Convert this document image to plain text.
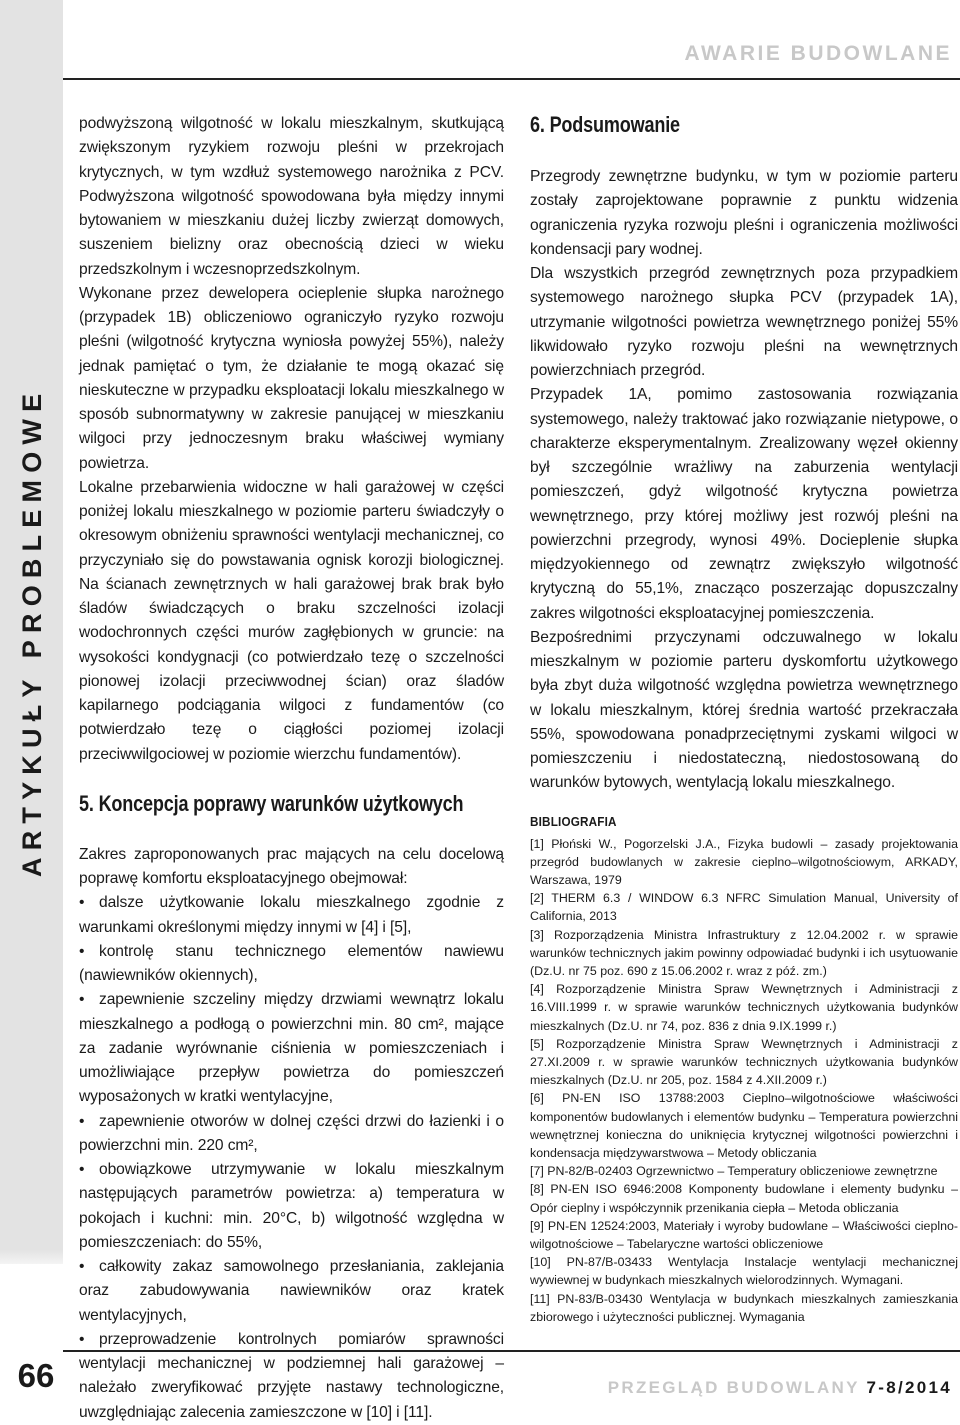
ARTYKUŁY PROBLEMOWE
AWARIE BUDOWLANE

podwyższoną wilgotność w lokalu mieszkalnym, skutkującą zwiększonym ryzykiem rozwoju pleśni w przekrojach krytycznych, w tym wzdłuż systemowego narożnika z PCV. Podwyższona wilgotność spowodowana była między innymi bytowaniem w mieszkaniu dużej liczby zwierząt domowych, suszeniem bielizny oraz obecnością dzieci w wieku przedszkolnym i wczesnoprzedszkolnym.

Wykonane przez dewelopera ocieplenie słupka narożnego (przypadek 1B) obliczeniowo ograniczyło ryzyko rozwoju pleśni (wilgotność krytyczna wyniosła powyżej 55%), należy jednak pamiętać o tym, że działanie te mogą okazać się nieskuteczne w przypadku eksploatacji lokalu mieszkalnego w sposób subnormatywny w zakresie panującej w mieszkaniu wilgoci przy jednoczesnym braku właściwej wymiany powietrza.

Lokalne przebarwienia widoczne w hali garażowej w części poniżej lokalu mieszkalnego w poziomie parteru świadczyły o okresowym obniżeniu sprawności wentylacji mechanicznej, co przyczyniało się do powstawania ognisk korozji biologicznej. Na ścianach zewnętrznych w hali garażowej brak brak było śladów świadczących o braku szczelności izolacji wodochronnych części murów zagłębionych w gruncie: na wysokości kondygnacji (co potwierdzało tezę o szczelności pionowej izolacji przeciwwodnej ścian) oraz śladów kapilarnego podciągania wilgoci z fundamentów (co potwierdzało tezę o ciągłości poziomej izolacji przeciwwilgociowej w poziomie wierzchu fundamentów).

5. Koncepcja poprawy warunków użytkowych

Zakres zaproponowanych prac mających na celu docelową poprawę komfortu eksploatacyjnego obejmował:

• dalsze użytkowanie lokalu mieszkalnego zgodnie z warunkami określonymi między innymi w [4] i [5],

• kontrolę stanu technicznego elementów nawiewu (nawiewników okiennych),

• zapewnienie szczeliny między drzwiami wewnątrz lokalu mieszkalnego a podłogą o powierzchni min. 80 cm², mające za zadanie wyrównanie ciśnienia w pomieszczeniach i umożliwiające przepływ powietrza do pomieszczeń wyposażonych w kratki wentylacyjne,

• zapewnienie otworów w dolnej części drzwi do łazienki i o powierzchni min. 220 cm²,

• obowiązkowe utrzymywanie w lokalu mieszkalnym następujących parametrów powietrza: a) temperatura w pokojach i kuchni: min. 20°C, b) wilgotność względna w pomieszczeniach: do 55%,

• całkowity zakaz samowolnego przesłaniania, zaklejania oraz zabudowywania nawiewników oraz kratek wentylacyjnych,

• przeprowadzenie kontrolnych pomiarów sprawności wentylacji mechanicznej w podziemnej hali garażowej – należało zweryfikować przyjęte nastawy technologiczne, uwzględniając zalecenia zamieszczone w [10] i [11].

6. Podsumowanie

Przegrody zewnętrzne budynku, w tym w poziomie parteru zostały zaprojektowane poprawnie z punktu widzenia ograniczenia ryzyka rozwoju pleśni i ograniczenia możliwości kondensacji pary wodnej.

Dla wszystkich przegród zewnętrznych poza przypadkiem systemowego narożnego słupka PCV (przypadek 1A), utrzymanie wilgotności powietrza wewnętrznego poniżej 55% likwidowało ryzyko rozwoju pleśni na wewnętrznych powierzchniach przegród.

Przypadek 1A, pomimo zastosowania rozwiązania systemowego, należy traktować jako rozwiązanie nietypowe, o charakterze eksperymentalnym. Zrealizowany węzeł okienny był szczególnie wrażliwy na zaburzenia wentylacji pomieszczeń, gdyż wilgotność krytyczna powietrza wewnętrznego, przy której możliwy jest rozwój pleśni na powierzchni przegrody, wynosi 49%. Docieplenie słupka międzyokiennego od zewnątrz zwiększyło wilgotność krytyczną do 55,1%, znacząco poszerzając dopuszczalny zakres wilgotności eksploatacyjnej pomieszczenia.

Bezpośrednimi przyczynami odczuwalnego w lokalu mieszkalnym w poziomie parteru dyskomfortu użytkowego była zbyt duża wilgotność względna powietrza wewnętrznego w lokalu mieszkalnym, której średnia wartość przekraczała 55%, spowodowana ponadprzeciętnymi zyskami wilgoci w pomieszczeniu i niedostateczną, niedostosowaną do warunków bytowych, wentylacją lokalu mieszkalnego.

BIBLIOGRAFIA

[1] Płoński W., Pogorzelski J.A., Fizyka budowli – zasady projektowania przegród budowlanych w zakresie cieplno–wilgotnościowym, ARKADY, Warszawa, 1979

[2] THERM 6.3 / WINDOW 6.3 NFRC Simulation Manual, University of California, 2013

[3] Rozporządzenia Ministra Infrastruktury z 12.04.2002 r. w sprawie warunków technicznych jakim powinny odpowiadać budynki i ich usytuowanie (Dz.U. nr 75 poz. 690 z 15.06.2002 r. wraz z póź. zm.)

[4] Rozporządzenie Ministra Spraw Wewnętrznych i Administracji z 16.VIII.1999 r. w sprawie warunków technicznych użytkowania budynków mieszkalnych (Dz.U. nr 74, poz. 836 z dnia 9.IX.1999 r.)

[5] Rozporządzenie Ministra Spraw Wewnętrznych i Administracji z 27.XI.2009 r. w sprawie warunków technicznych użytkowania budynków mieszkalnych (Dz.U. nr 205, poz. 1584 z 4.XII.2009 r.)

[6] PN-EN ISO 13788:2003 Cieplno–wilgotnościowe właściwości komponentów budowlanych i elementów budynku – Temperatura powierzchni wewnętrznej konieczna do uniknięcia krytycznej wilgotności powierzchni i kondensacja międzywarstwowa – Metody obliczania

[7] PN-82/B-02403 Ogrzewnictwo – Temperatury obliczeniowe zewnętrzne

[8] PN-EN ISO 6946:2008 Komponenty budowlane i elementy budynku – Opór cieplny i współczynnik przenikania ciepła – Metoda obliczania

[9] PN-EN 12524:2003, Materiały i wyroby budowlane – Właściwości cieplno-wilgotnościowe – Tabelaryczne wartości obliczeniowe

[10] PN-87/B-03433 Wentylacja Instalacje wentylacji mechanicznej wywiewnej w budynkach mieszkalnych wielorodzinnych. Wymagani.

[11] PN-83/B-03430 Wentylacja w budynkach mieszkalnych zamieszkania zbiorowego i użyteczności publicznej. Wymagania

66	PRZEGLĄD BUDOWLANY 7-8/2014
